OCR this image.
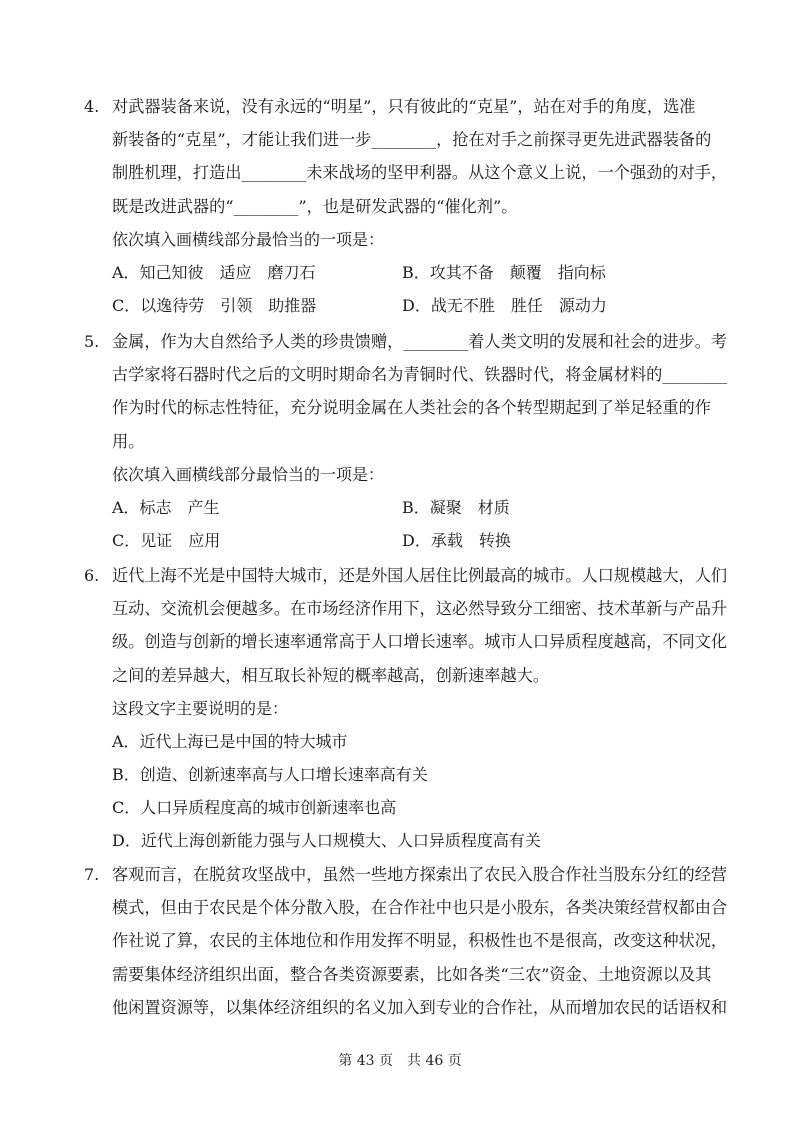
4. 对武器装备来说，没有永远的“明星”，只有彼此的“克星”，站在对手的角度，选准
新装备的“克星”，才能让我们进一步________，抢在对手之前探寻更先进武器装备的
制胜机理，打造出________未来战场的坚甲利器。从这个意义上说，一个强劲的对手，
既是改进武器的“________”，也是研发武器的“催化剂”。
依次填入画横线部分最恰当的一项是：
A．知己知彼　适应　磨刀石	B．攻其不备　颠覆　指向标
C．以逸待劳　引领　助推器	D．战无不胜　胜任　源动力
5. 金属，作为大自然给予人类的珍贵馈赠，________着人类文明的发展和社会的进步。考
古学家将石器时代之后的文明时期命名为青铜时代、铁器时代，将金属材料的________
作为时代的标志性特征，充分说明金属在人类社会的各个转型期起到了举足轻重的作
用。
依次填入画横线部分最恰当的一项是：
A．标志　产生	B．凝聚　材质
C．见证　应用	D．承载　转换
6. 近代上海不光是中国特大城市，还是外国人居住比例最高的城市。人口规模越大，人们
互动、交流机会便越多。在市场经济作用下，这必然导致分工细密、技术革新与产品升
级。创造与创新的增长速率通常高于人口增长速率。城市人口异质程度越高，不同文化
之间的差异越大，相互取长补短的概率越高，创新速率越大。
这段文字主要说明的是：
A．近代上海已是中国的特大城市
B．创造、创新速率高与人口增长速率高有关
C．人口异质程度高的城市创新速率也高
D．近代上海创新能力强与人口规模大、人口异质程度高有关
7. 客观而言，在脱贫攻坚战中，虽然一些地方探索出了农民入股合作社当股东分红的经营
模式，但由于农民是个体分散入股，在合作社中也只是小股东，各类决策经营权都由合
作社说了算，农民的主体地位和作用发挥不明显，积极性也不是很高，改变这种状况，
需要集体经济组织出面，整合各类资源要素，比如各类“三农”资金、土地资源以及其
他闲置资源等，以集体经济组织的名义加入到专业的合作社，从而增加农民的话语权和
第 43 页　共 46 页
